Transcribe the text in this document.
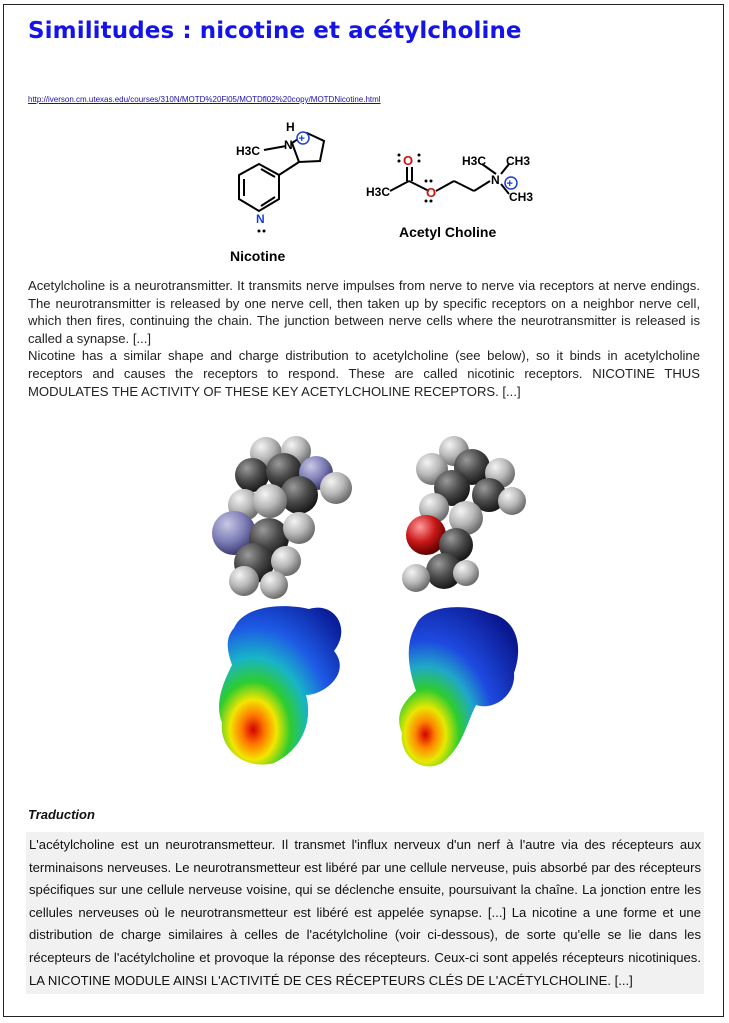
Similitudes : nicotine et acétylcholine
http://iverson.cm.utexas.edu/courses/310N/MOTD%20Fl05/MOTDfl02%20copy/MOTDNicotine.html
N
H
H3C
N
+
Nicotine
H3C
O
O
N
H3C CH3
CH3
+
Acetyl Choline

Acetylcholine is a neurotransmitter. It transmits nerve impulses from nerve to nerve via receptors at nerve endings. The neurotransmitter is released by one nerve cell, then taken up by specific receptors on a neighbor nerve cell, which then fires, continuing the chain. The junction between nerve cells where the neurotransmitter is released is called a synapse. [...]

Nicotine has a similar shape and charge distribution to acetylcholine (see below), so it binds in acetylcholine receptors and causes the receptors to respond. These are called nicotinic receptors. NICOTINE THUS MODULATES THE ACTIVITY OF THESE KEY ACETYLCHOLINE RECEPTORS. [...]

Traduction

L'acétylcholine est un neurotransmetteur. Il transmet l'influx nerveux d'un nerf à l'autre via des récepteurs aux terminaisons nerveuses. Le neurotransmetteur est libéré par une cellule nerveuse, puis absorbé par des récepteurs spécifiques sur une cellule nerveuse voisine, qui se déclenche ensuite, poursuivant la chaîne. La jonction entre les cellules nerveuses où le neurotransmetteur est libéré est appelée synapse. [...] La nicotine a une forme et une distribution de charge similaires à celles de l'acétylcholine (voir ci-dessous), de sorte qu'elle se lie dans les récepteurs de l'acétylcholine et provoque la réponse des récepteurs. Ceux-ci sont appelés récepteurs nicotiniques. LA NICOTINE MODULE AINSI L'ACTIVITÉ DE CES RÉCEPTEURS CLÉS DE L'ACÉTYLCHOLINE. [...]
